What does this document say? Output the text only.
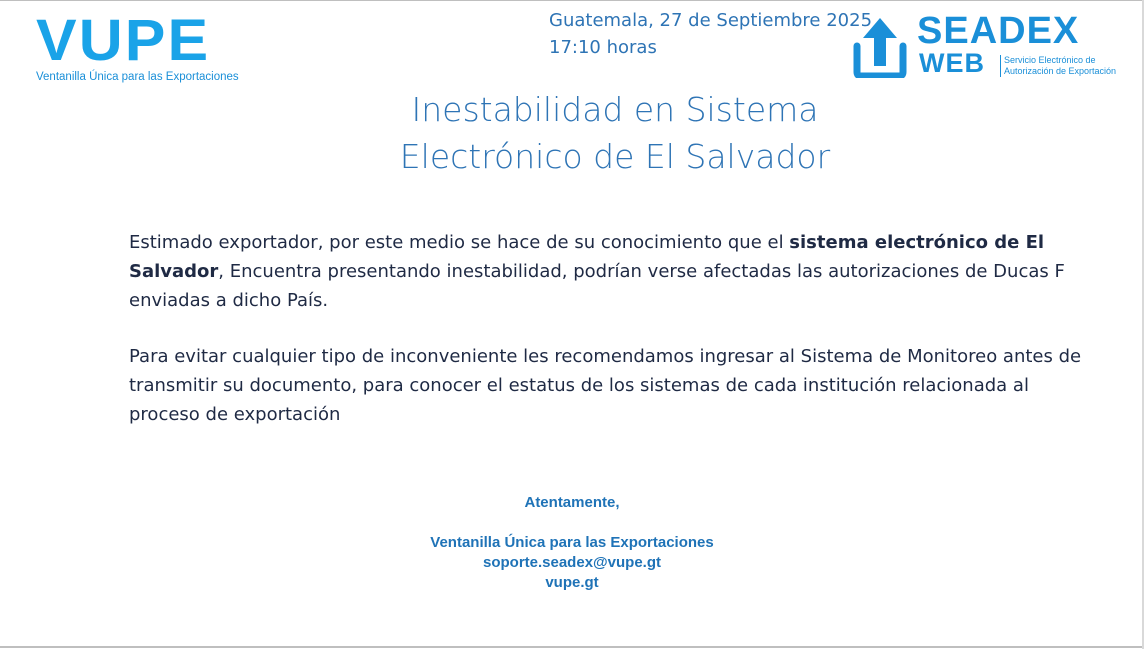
VUPE
Ventanilla Única para las Exportaciones
Guatemala, 27 de Septiembre 2025
17:10 horas	SEADEX
WEB Servicio Electrónico de
Autorización de Exportación
Inestabilidad en Sistema
Electrónico de El Salvador
Estimado exportador, por este medio se hace de su conocimiento que el sistema electrónico de El Salvador, Encuentra presentando inestabilidad, podrían verse afectadas las autorizaciones de Ducas F enviadas a dicho País.
Para evitar cualquier tipo de inconveniente les recomendamos ingresar al Sistema de Monitoreo antes de transmitir su documento, para conocer el estatus de los sistemas de cada institución relacionada al proceso de exportación
Atentamente,
Ventanilla Única para las Exportaciones
soporte.seadex@vupe.gt
vupe.gt
